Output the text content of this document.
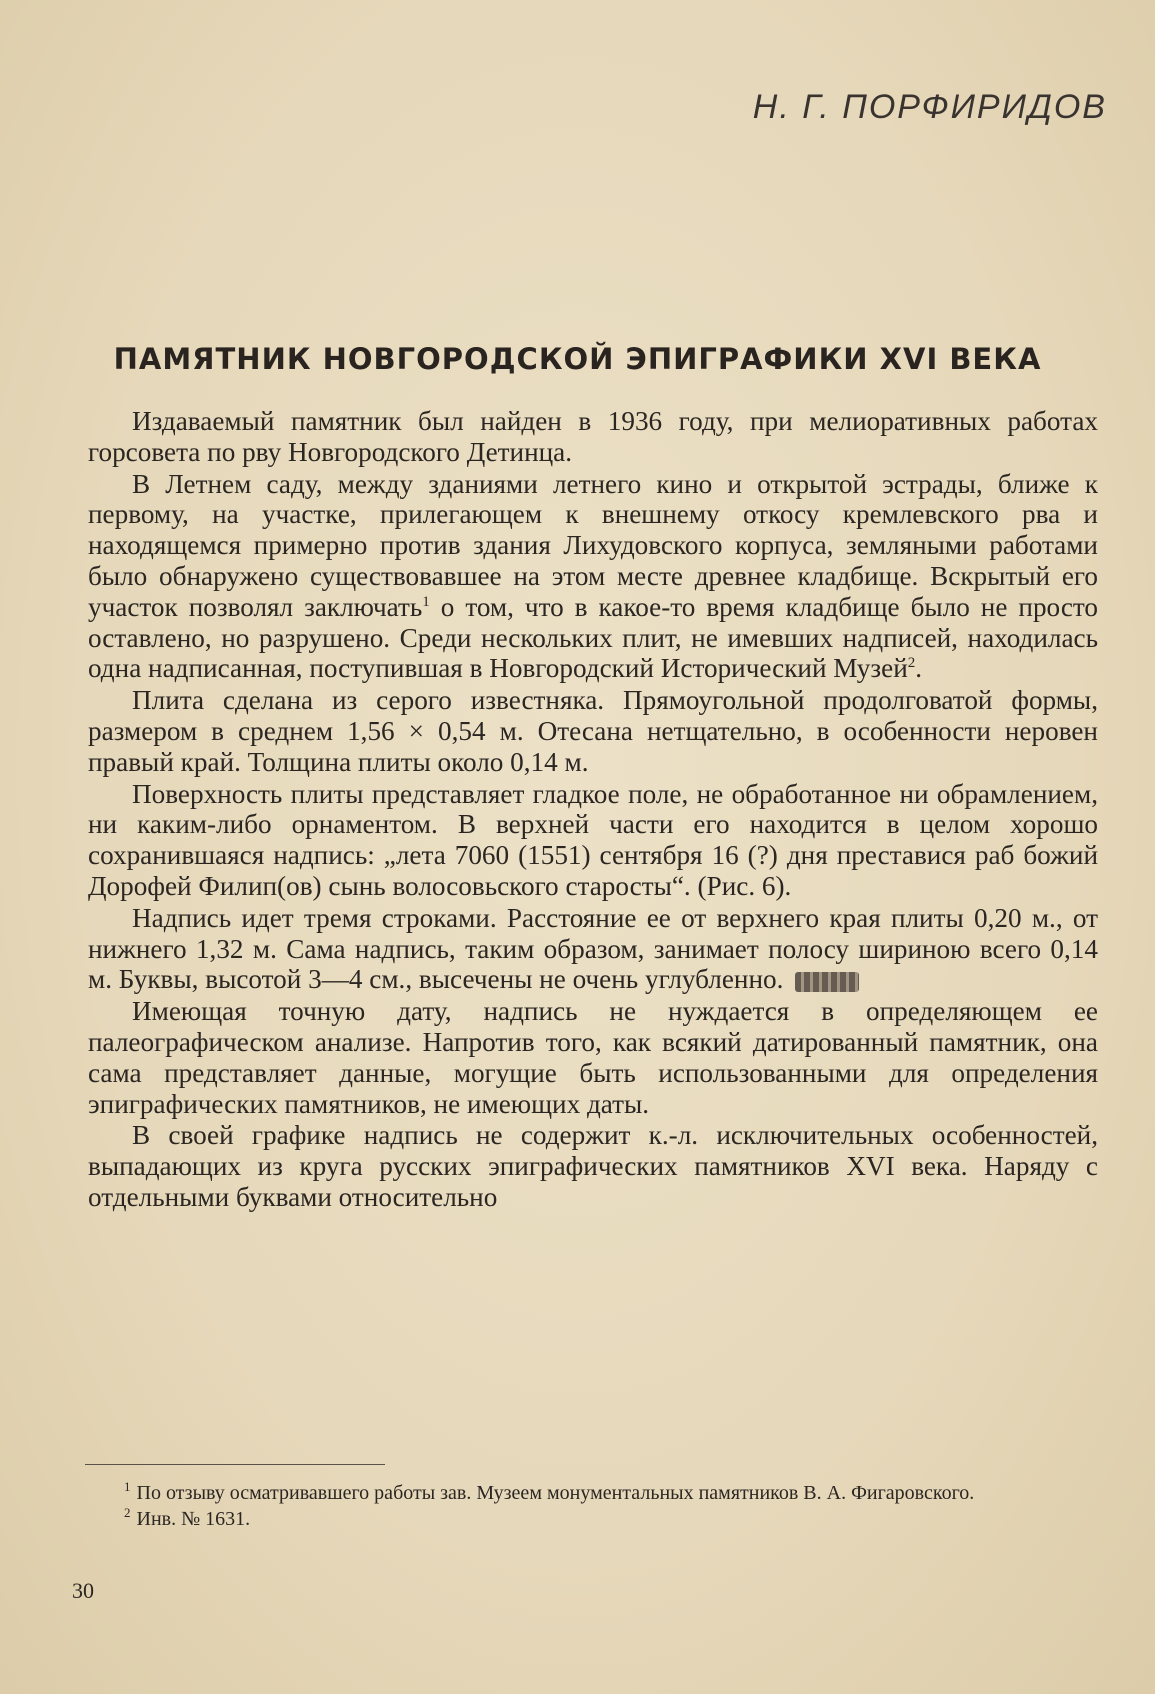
Н. Г. ПОРФИРИДОВ
ПАМЯТНИК НОВГОРОДСКОЙ ЭПИГРАФИКИ XVI ВЕКА

Издаваемый памятник был найден в 1936 году, при мелиоративных работах горсовета по рву Новгородского Детинца.

В Летнем саду, между зданиями летнего кино и открытой эстрады, ближе к первому, на участке, прилегающем к внешнему откосу кремлевского рва и находящемся примерно против здания Лихудовского корпуса, земляными работами было обнаружено существовавшее на этом месте древнее кладбище. Вскрытый его участок позволял заключать$^1$ о том, что в какое-то время кладбище было не просто оставлено, но разрушено. Среди нескольких плит, не имевших надписей, находилась одна надписанная, поступившая в Новгородский Исторический Музей$^2$.

Плита сделана из серого известняка. Прямоугольной продолговатой формы, размером в среднем 1,56 × 0,54 м. Отесана нетщательно, в особенности неровен правый край. Толщина плиты около 0,14 м.

Поверхность плиты представляет гладкое поле, не обработанное ни обрамлением, ни каким-либо орнаментом. В верхней части его находится в целом хорошо сохранившаяся надпись: „лета 7060 (1551) сентября 16 (?) дня преставися раб божий Дорофей Филип(ов) сынь волосовьского старосты“. (Рис. 6).

Надпись идет тремя строками. Расстояние ее от верхнего края плиты 0,20 м., от нижнего 1,32 м. Сама надпись, таким образом, занимает полосу шириною всего 0,14 м. Буквы, высотой 3—4 см., высечены не очень углубленно.

Имеющая точную дату, надпись не нуждается в определяющем ее палеографическом анализе. Напротив того, как всякий датированный памятник, она сама представляет данные, могущие быть использованными для определения эпиграфических памятников, не имеющих даты.

В своей графике надпись не содержит к.-л. исключительных особенностей, выпадающих из круга русских эпиграфических памятников XVI века. Наряду с отдельными буквами относительно

$^1$ По отзыву осматривавшего работы зав. Музеем монументальных памятников В. А. Фигаровского.

$^2$ Инв. № 1631.

30
